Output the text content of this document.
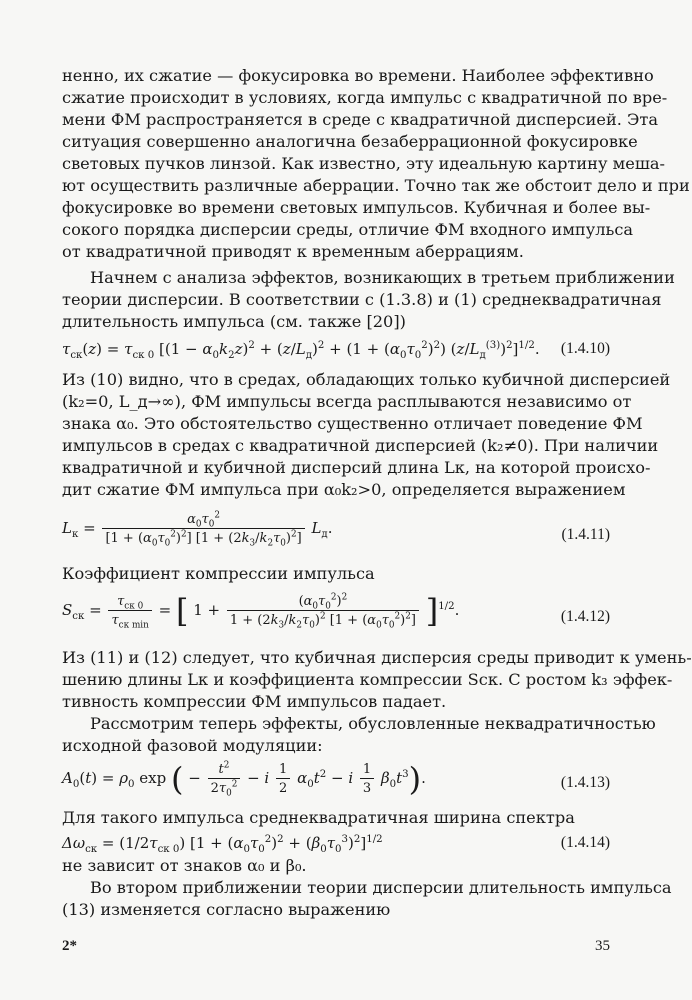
ненно, их сжатие — фокусировка во времени. Наиболее эффективно
сжатие происходит в условиях, когда импульс с квадратичной по вре-
мени ФМ распространяется в среде с квадратичной дисперсией. Эта
ситуация совершенно аналогична безаберрационной фокусировке
световых пучков линзой. Как известно, эту идеальную картину меша-
ют осуществить различные аберрации. Точно так же обстоит дело и при
фокусировке во времени световых импульсов. Кубичная и более вы-
сокого порядка дисперсии среды, отличие ФМ входного импульса
от квадратичной приводят к временным аберрациям.
Начнем с анализа эффектов, возникающих в третьем приближении
теории дисперсии. В соответствии с (1.3.8) и (1) среднеквадратичная
длительность импульса (см. также [20])
$\tau_{ск}(z) = \tau_{ск 0}$ [$(1 - \alpha_0k_2z)^2 + (z/L_д)^2 + (1 + (\alpha_0\tau_0^2)^2)$ $(z/L_д^{(3)})^2]^{1/2}$. (1.4.10)
Из (10) видно, что в средах, обладающих только кубичной дисперсией
(k₂=0, L_д→∞), ФМ импульсы всегда расплываются независимо от
знака α₀. Это обстоятельство существенно отличает поведение ФМ
импульсов в средах с квадратичной дисперсией (k₂≠0). При наличии
квадратичной и кубичной дисперсий длина Lк, на которой происхо-
дит сжатие ФМ импульса при α₀k₂>0, определяется выражением
$L_к = \frac{\alpha_0\tau_0^2}{[1 + (\alpha_0\tau_0^2)^2] [1 + (2k_3/k_2\tau_0)^2]} L_д$.	(1.4.11)
Коэффициент компрессии импульса
$S_{ск} = \frac{\tau_{ск 0}}{\tau_{ск min}}$ = [ $1 + \frac{(\alpha_0\tau_0^2)^2}{1 + (2k_3/k_2\tau_0)^2 [1 + (\alpha_0\tau_0^2)^2]} ]^{1/2}$.	(1.4.12)
Из (11) и (12) следует, что кубичная дисперсия среды приводит к умень-
шению длины Lк и коэффициента компрессии Sск. С ростом k₃ эффек-
тивность компрессии ФМ импульсов падает.
Рассмотрим теперь эффекты, обусловленные неквадратичностью
исходной фазовой модуляции:
$A_0(t) = \rho_0$ exp ( − $\frac{t^2}{2\tau_0^2} - i \frac{1}{2} \alpha_0t^2 - i \frac{1}{3} \beta_0t^3$).	(1.4.13)
Для такого импульса среднеквадратичная ширина спектра
$\Delta\omega_{ск} = (1/2\tau_{ск 0}) [1 + (\alpha_0\tau_0^2)^2 + (\beta_0\tau_0^3)^2]^{1/2}$	(1.4.14)
не зависит от знаков α₀ и β₀.
Во втором приближении теории дисперсии длительность импульса
(13) изменяется согласно выражению
2*	35
